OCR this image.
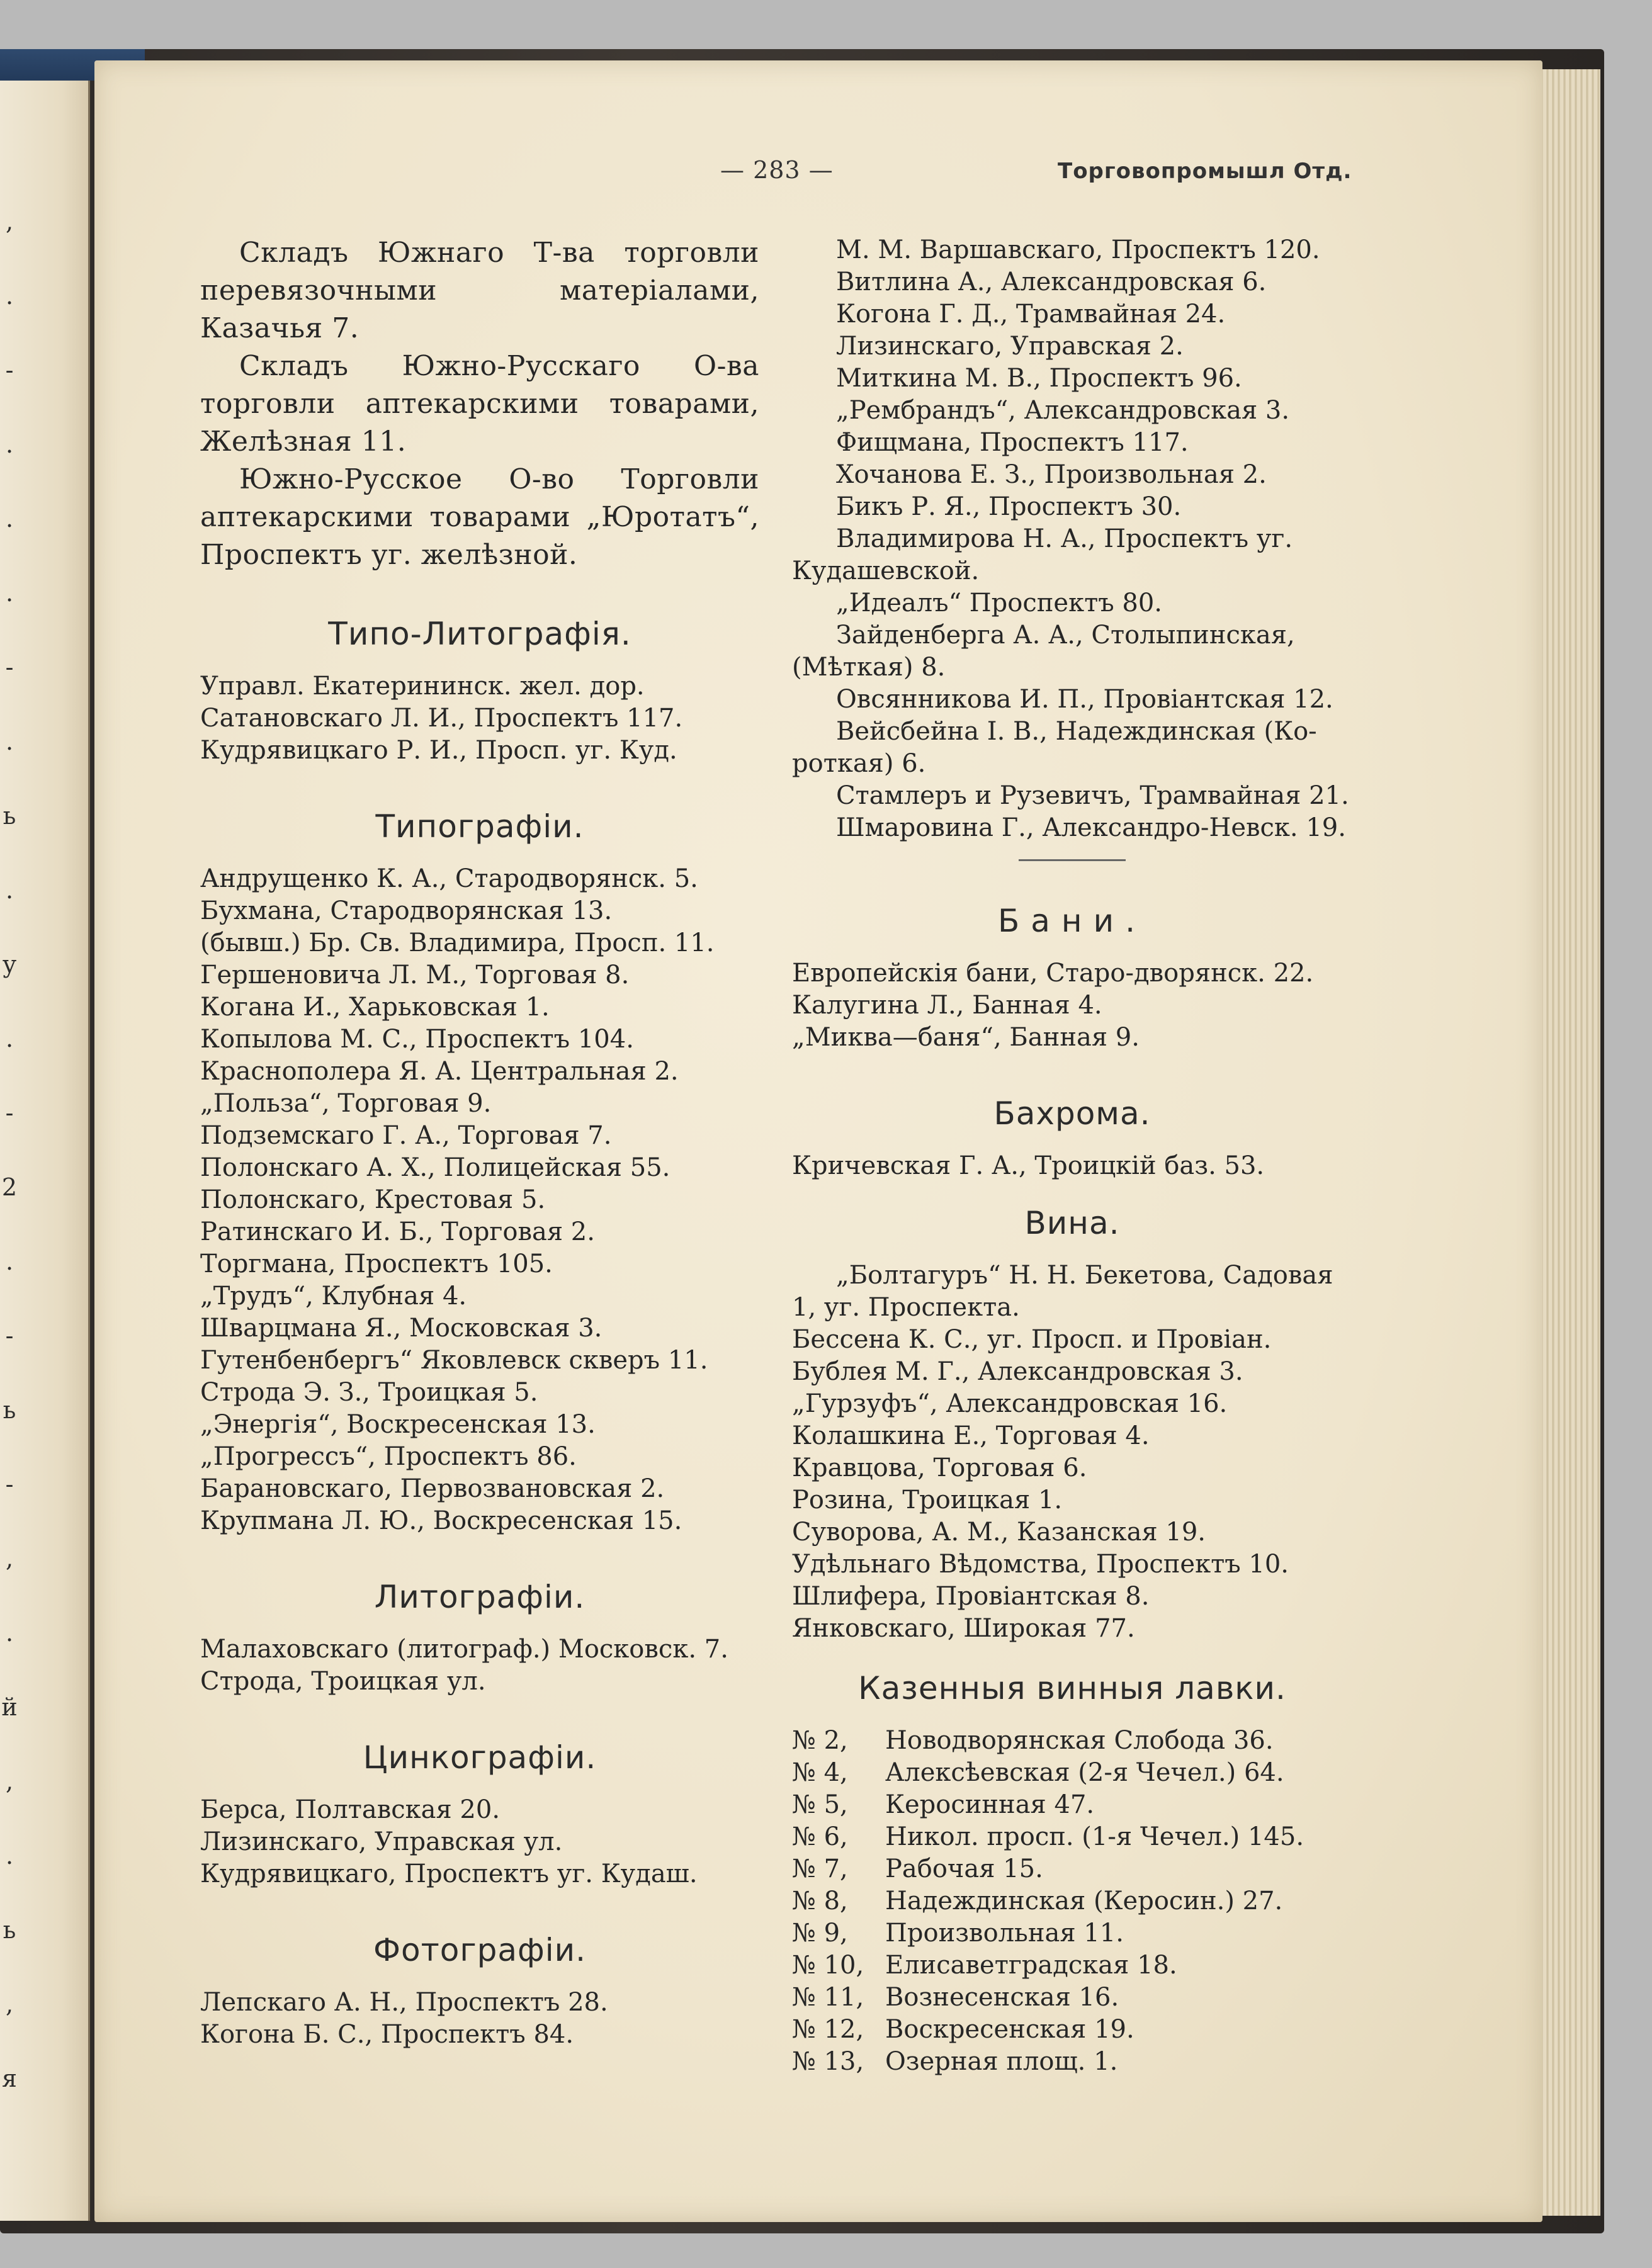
,
.
-
.
.
.
-
.
ь
.
у
.
-
2
.
-
ь
-
,
.
й
,
.
ь
,
я
— 283 —	Торговопромышл Отд.

Складъ Южнаго Т-ва торговли перевязочными матеріалами, Казачья 7.

Складъ Южно-Русскаго О-ва торговли аптекарскими товарами, Желѣзная 11.

Южно-Русское О-во Торговли аптекарскими товарами „Юротатъ“, Проспектъ уг. желѣзной.

Типо-Литографія.
Управл. Екатерининск. жел. дор.
Сатановскаго Л. И., Проспектъ 117.
Кудрявицкаго Р. И., Просп. уг. Куд.
Типографіи.
Андрущенко К. А., Стародворянск. 5.
Бухмана, Стародворянская 13.
(бывш.) Бр. Св. Владимира, Просп. 11.
Гершеновича Л. М., Торговая 8.
Когана И., Харьковская 1.
Копылова М. С., Проспектъ 104.
Краснополера Я. А. Центральная 2.
„Польза“, Торговая 9.
Подземскаго Г. А., Торговая 7.
Полонскаго А. Х., Полицейская 55.
Полонскаго, Крестовая 5.
Ратинскаго И. Б., Торговая 2.
Торгмана, Проспектъ 105.
„Трудъ“, Клубная 4.
Шварцмана Я., Московская 3.
Гутенбенбергъ“ Яковлевск скверъ 11.
Строда Э. З., Троицкая 5.
„Энергія“, Воскресенская 13.
„Прогрессъ“, Проспектъ 86.
Барановскаго, Первозвановская 2.
Крупмана Л. Ю., Воскресенская 15.
Литографіи.
Малаховскаго (литограф.) Московск. 7.
Строда, Троицкая ул.
Цинкографіи.
Берса, Полтавская 20.
Лизинскаго, Управская ул.
Кудрявицкаго, Проспектъ уг. Кудаш.
Фотографіи.
Лепскаго А. Н., Проспектъ 28.
Когона Б. С., Проспектъ 84.
М. М. Варшавскаго, Проспектъ 120.
Витлина А., Александровская 6.
Когона Г. Д., Трамвайная 24.
Лизинскаго, Управская 2.
Миткина М. В., Проспектъ 96.
„Рембрандъ“, Александровская 3.
Фищмана, Проспектъ 117.
Хочанова Е. З., Произвольная 2.
Бикъ Р. Я., Проспектъ 30.
Владимирова Н. А., Проспектъ уг.
Кудашевской.
„Идеалъ“ Проспектъ 80.
Зайденберга А. А., Столыпинская,
(Мѣткая) 8.
Овсянникова И. П., Провіантская 12.
Вейсбейна І. В., Надеждинская (Ко-
роткая) 6.
Стамлеръ и Рузевичъ, Трамвайная 21.
Шмаровина Г., Александро-Невск. 19.
Бани.
Европейскія бани, Старо-дворянск. 22.
Калугина Л., Банная 4.
„Миква—баня“, Банная 9.
Бахрома.
Кричевская Г. А., Троицкій баз. 53.
Вина.
„Болтагуръ“ Н. Н. Бекетова, Садовая
1, уг. Проспекта.
Бессена К. С., уг. Просп. и Провіан.
Бублея М. Г., Александровская 3.
„Гурзуфъ“, Александровская 16.
Колашкина Е., Торговая 4.
Кравцова, Торговая 6.
Розина, Троицкая 1.
Суворова, А. М., Казанская 19.
Удѣльнаго Вѣдомства, Проспектъ 10.
Шлифера, Провіантская 8.
Янковскаго, Широкая 77.
Казенныя винныя лавки.
№ 2,	Новодворянская Слобода 36.
№ 4,	Алексѣевская (2-я Чечел.) 64.
№ 5,	Керосинная 47.
№ 6,	Никол. просп. (1-я Чечел.) 145.
№ 7,	Рабочая 15.
№ 8,	Надеждинская (Керосин.) 27.
№ 9,	Произвольная 11.
№ 10, Елисаветградская 18.
№ 11, Вознесенская 16.
№ 12, Воскресенская 19.
№ 13, Озерная площ. 1.
